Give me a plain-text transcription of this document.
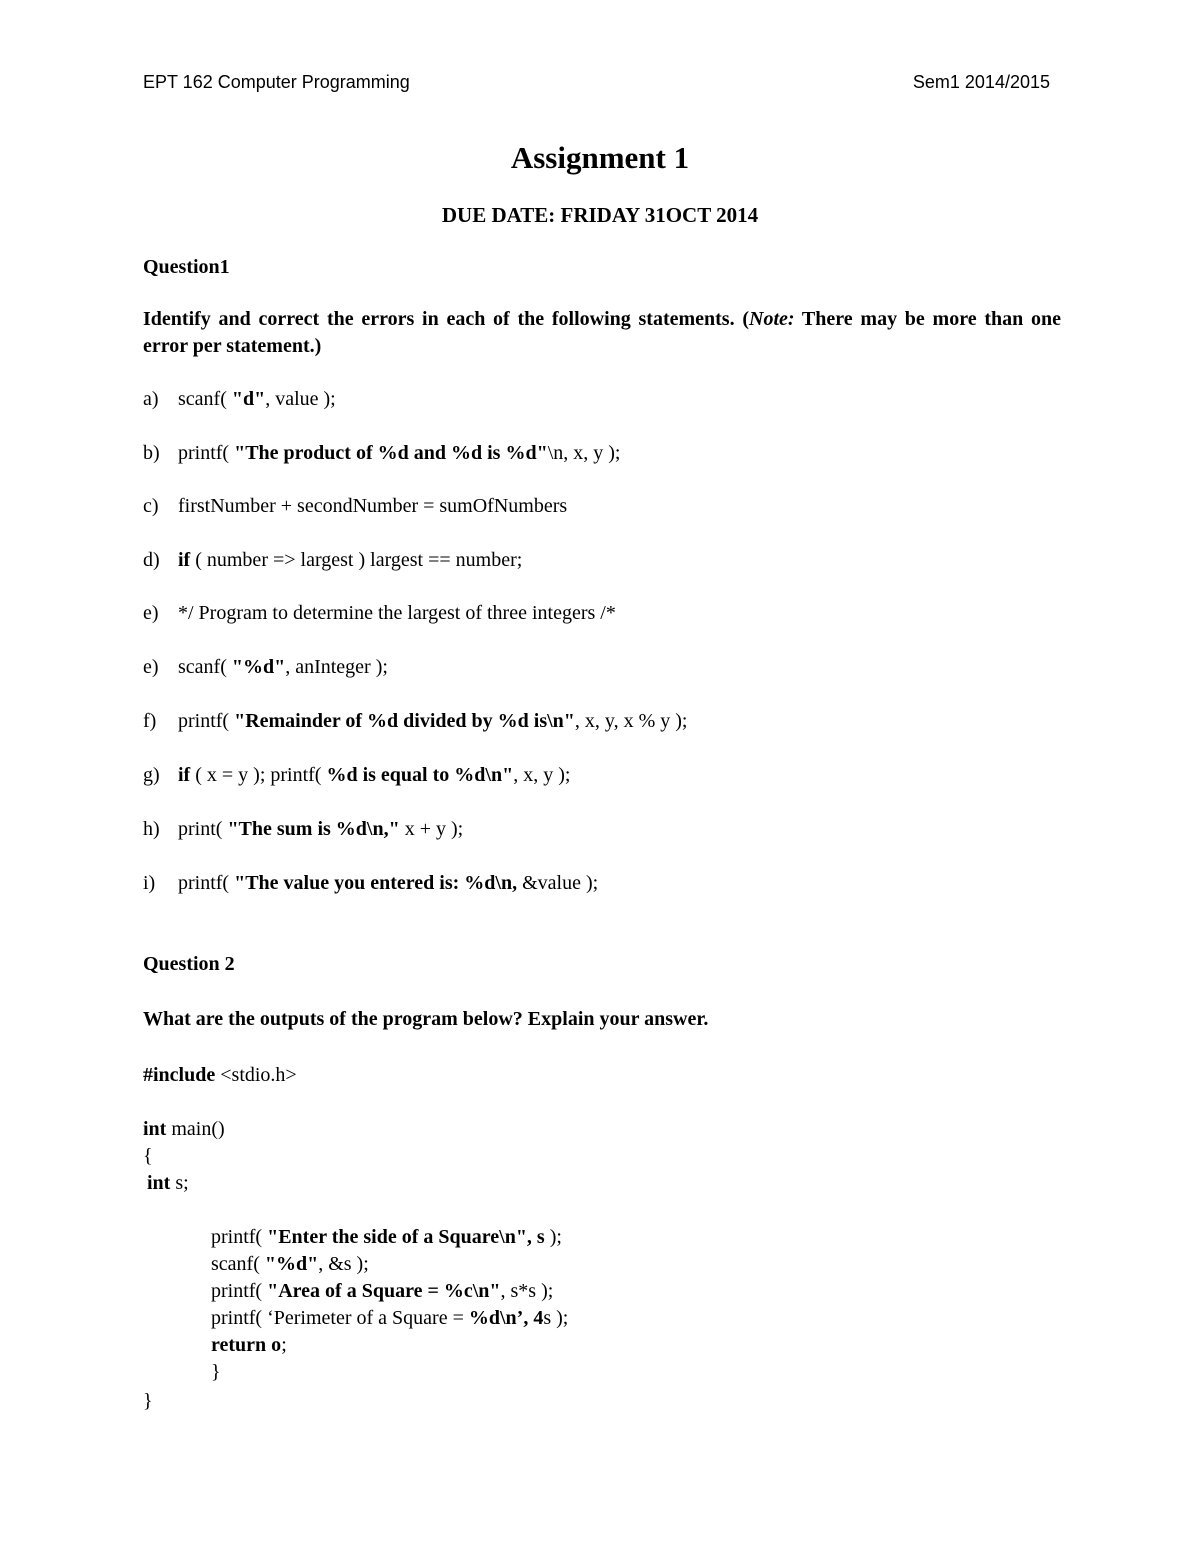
EPT 162 Computer Programming	Sem1 2014/2015
Assignment 1
DUE DATE: FRIDAY 31OCT 2014
Question1
Identify and correct the errors in each of the following statements. (Note: There may be more than one error per statement.)
a) scanf( "d", value );
b) printf( "The product of %d and %d is %d"\n, x, y );
c) firstNumber + secondNumber = sumOfNumbers
d) if ( number => largest ) largest == number;
e) */ Program to determine the largest of three integers /*
e) scanf( "%d", anInteger );
f) printf( "Remainder of %d divided by %d is\n", x, y, x % y );
g) if ( x = y ); printf( %d is equal to %d\n", x, y );
h) print( "The sum is %d\n," x + y );
i) printf( "The value you entered is: %d\n, &value );
Question 2
What are the outputs of the program below? Explain your answer.
#include <stdio.h>
int main()
{
int s;
printf( "Enter the side of a Square\n", s );
scanf( "%d", &s );
printf( "Area of a Square = %c\n", s*s );
printf( ‘Perimeter of a Square = %d\n’, 4s );
return o;
}
}
